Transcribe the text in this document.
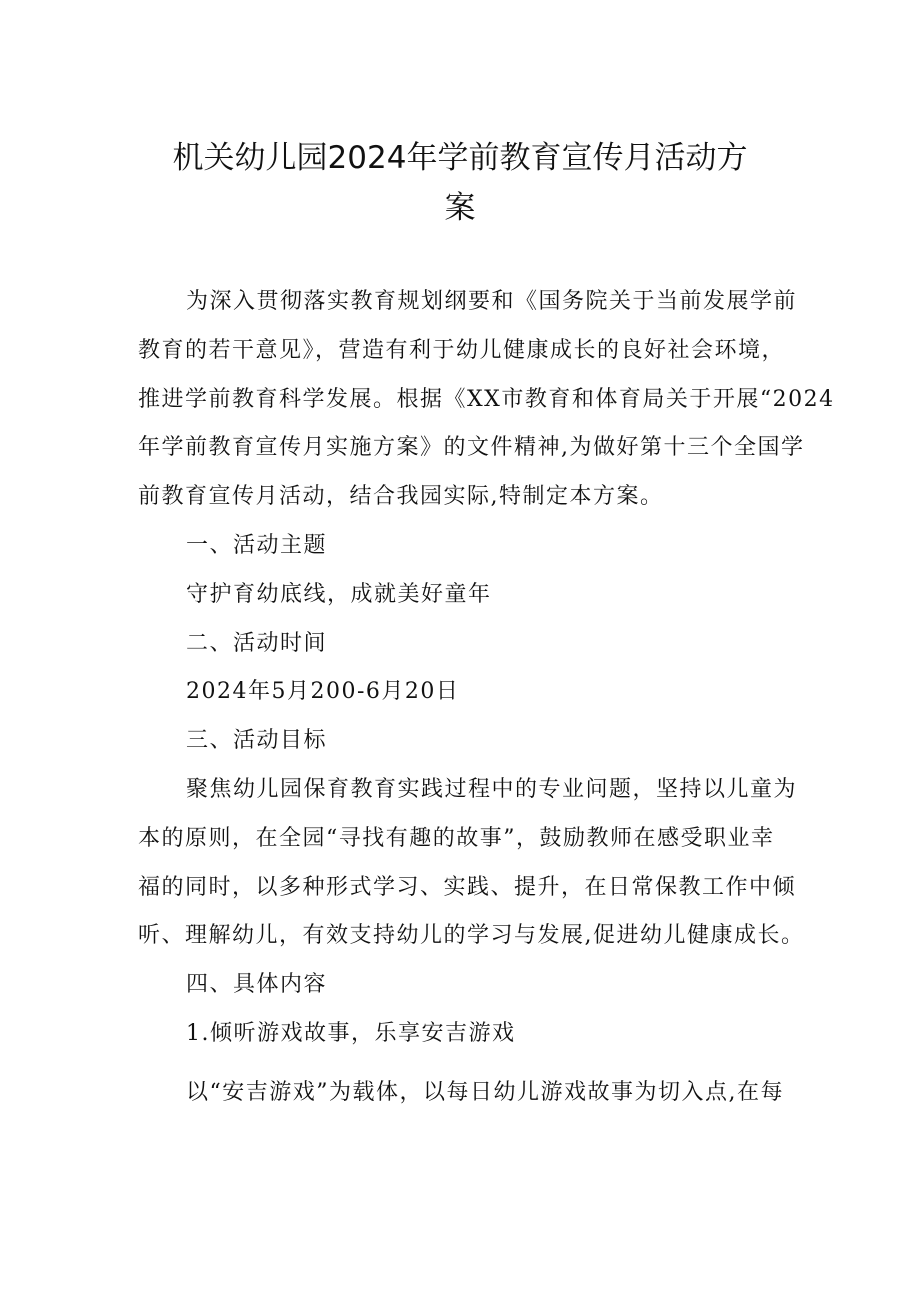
机关幼儿园2024年学前教育宣传月活动方
案
为深入贯彻落实教育规划纲要和《国务院关于当前发展学前
教育的若干意见》，营造有利于幼儿健康成长的良好社会环境，
推进学前教育科学发展。根据《XX市教育和体育局关于开展“2024
年学前教育宣传月实施方案》的文件精神,为做好第十三个全国学
前教育宣传月活动，结合我园实际,特制定本方案。
一、活动主题
守护育幼底线，成就美好童年
二、活动时间
2024年5月200-6月20日
三、活动目标
聚焦幼儿园保育教育实践过程中的专业问题，坚持以儿童为
本的原则，在全园“寻找有趣的故事”，鼓励教师在感受职业幸
福的同时，以多种形式学习、实践、提升，在日常保教工作中倾
听、理解幼儿，有效支持幼儿的学习与发展,促进幼儿健康成长。
四、具体内容
1.倾听游戏故事，乐享安吉游戏
以“安吉游戏”为载体，以每日幼儿游戏故事为切入点,在每
